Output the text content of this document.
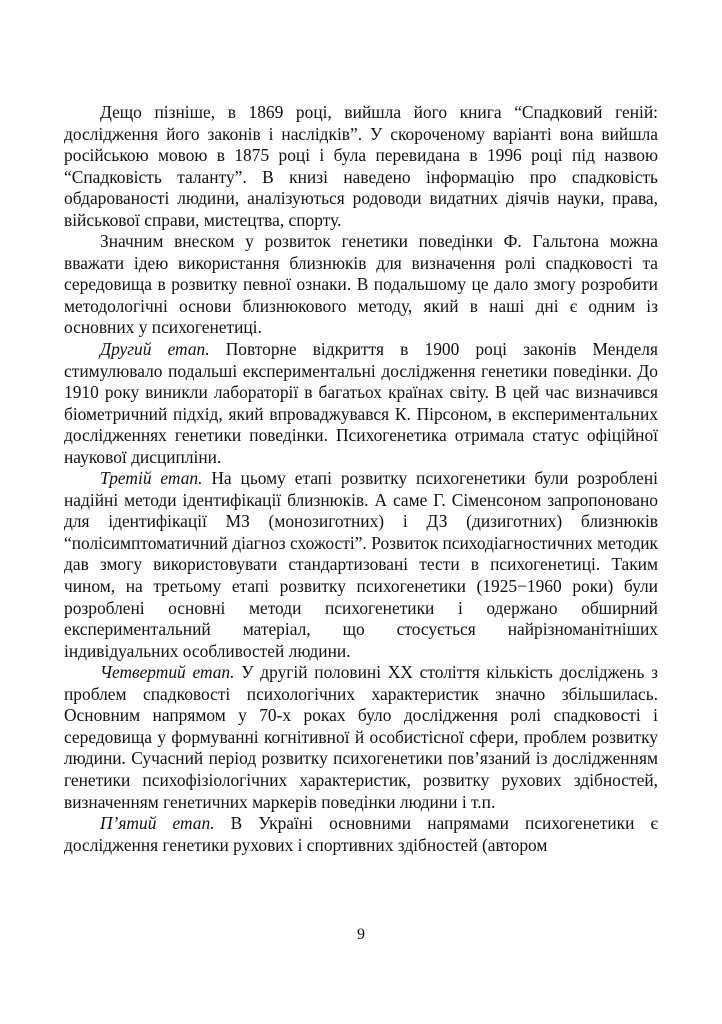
Дещо пізніше, в 1869 році, вийшла його книга “Спадковий геній: дослідження його законів і наслідків”. У скороченому варіанті вона вийшла російською мовою в 1875 році і була перевидана в 1996 році під назвою “Спадковість таланту”. В книзі наведено інформацію про спадковість обдарованості людини, аналізуються родоводи видатних діячів науки, права, військової справи, мистецтва, спорту.

Значним внеском у розвиток генетики поведінки Ф. Гальтона можна вважати ідею використання близнюків для визначення ролі спадковості та середовища в розвитку певної ознаки. В подальшому це дало змогу розробити методологічні основи близнюкового методу, який в наші дні є одним із основних у психогенетиці.

Другий етап. Повторне відкриття в 1900 році законів Менделя стимулювало подальші експериментальні дослідження генетики поведінки. До 1910 року виникли лабораторії в багатьох країнах світу. В цей час визначився біометричний підхід, який впроваджувався К. Пірсоном, в експериментальних дослідженнях генетики поведінки. Психогенетика отримала статус офіційної наукової дисципліни.

Третій етап. На цьому етапі розвитку психогенетики були розроблені надійні методи ідентифікації близнюків. А саме Г. Сіменсоном запропоновано для ідентифікації МЗ (монозиготних) і ДЗ (дизиготних) близнюків “полісимптоматичний діагноз схожості”. Розвиток психодіагностичних методик дав змогу використовувати стандартизовані тести в психогенетиці. Таким чином, на третьому етапі розвитку психогенетики (1925−1960 роки) були розроблені основні методи психогенетики і одержано обширний експериментальний матеріал, що стосується найрізноманітніших індивідуальних особливостей людини.

Четвертий етап. У другій половині XX століття кількість досліджень з проблем спадковості психологічних характеристик значно збільшилась. Основним напрямом у 70-х роках було дослідження ролі спадковості і середовища у формуванні когнітивної й особистісної сфери, проблем розвитку людини. Сучасний період розвитку психогенетики пов’язаний із дослідженням генетики психофізіологічних характеристик, розвитку рухових здібностей, визначенням генетичних маркерів поведінки людини і т.п.

П’ятий етап. В Україні основними напрямами психогенетики є дослідження генетики рухових і спортивних здібностей (автором

9
